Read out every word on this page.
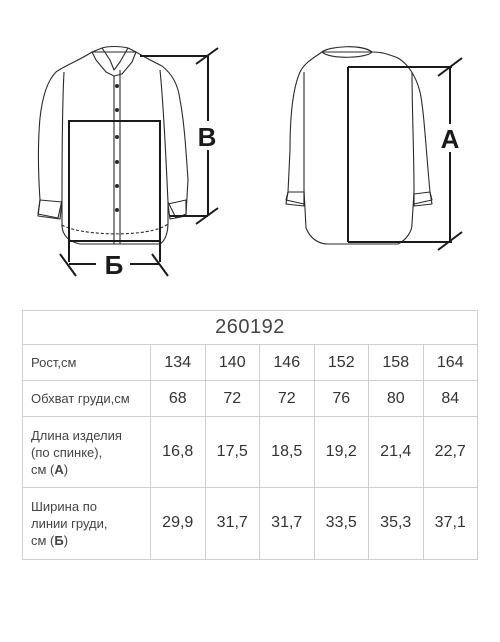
В
Б
А
260192						
Рост,см	134	140	146	152	158	164
Обхват груди,см	68	72	72	76	80	84

Длина изделия
(по спинке),
см (А)	16,8	17,5	18,5	19,2	21,4	22,7

Ширина по
линии груди,
см (Б)	29,9	31,7	31,7	33,5	35,3	37,1
